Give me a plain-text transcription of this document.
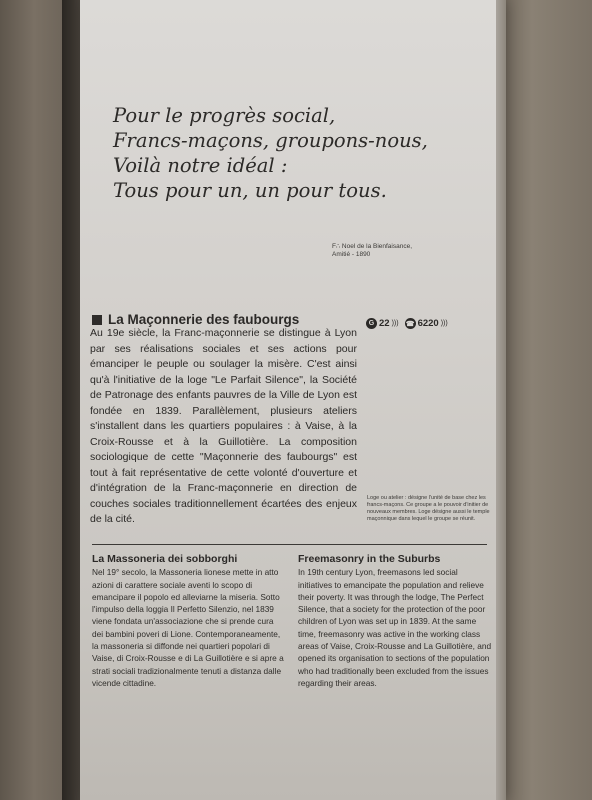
Pour le progrès social,
Francs-maçons, groupons-nous,
Voilà notre idéal :
Tous pour un, un pour tous.
F∴ Noel de la Bienfaisance,
Amitié - 1890
La Maçonnerie des faubourgs	G 22 ))) ☎ 6220 )))

Au 19e siècle, la Franc-maçonnerie se distingue à Lyon par ses réalisations sociales et ses actions pour émanciper le peuple ou soulager la misère. C'est ainsi qu'à l'initiative de la loge "Le Parfait Silence", la Société de Patronage des enfants pauvres de la Ville de Lyon est fondée en 1839. Parallèlement, plusieurs ateliers s'installent dans les quartiers populaires : à Vaise, à la Croix-Rousse et à la Guillotière. La composition sociologique de cette "Maçonnerie des faubourgs" est tout à fait représentative de cette volonté d'ouverture et d'intégration de la Franc-maçonnerie en direction de couches sociales traditionnellement écartées des enjeux de la cité.

Loge ou atelier : désigne l'unité de base chez les francs-maçons. Ce groupe a le pouvoir d'initier de nouveaux membres. Loge désigne aussi le temple maçonnique dans lequel le groupe se réunit.

La Massoneria dei sobborghi

Nel 19° secolo, la Massoneria lionese mette in atto azioni di carattere sociale aventi lo scopo di emancipare il popolo ed alleviarne la miseria. Sotto l'impulso della loggia Il Perfetto Silenzio, nel 1839 viene fondata un'associazione che si prende cura dei bambini poveri di Lione. Contemporaneamente, la massoneria si diffonde nei quartieri popolari di Vaise, di Croix-Rousse e di La Guillotière e si apre a strati sociali tradizionalmente tenuti a distanza dalle vicende cittadine.

Freemasonry in the Suburbs

In 19th century Lyon, freemasons led social initiatives to emancipate the population and relieve their poverty. It was through the lodge, The Perfect Silence, that a society for the protection of the poor children of Lyon was set up in 1839. At the same time, freemasonry was active in the working class areas of Vaise, Croix-Rousse and La Guillotière, and opened its organisation to sections of the population who had traditionally been excluded from the issues regarding their areas.
